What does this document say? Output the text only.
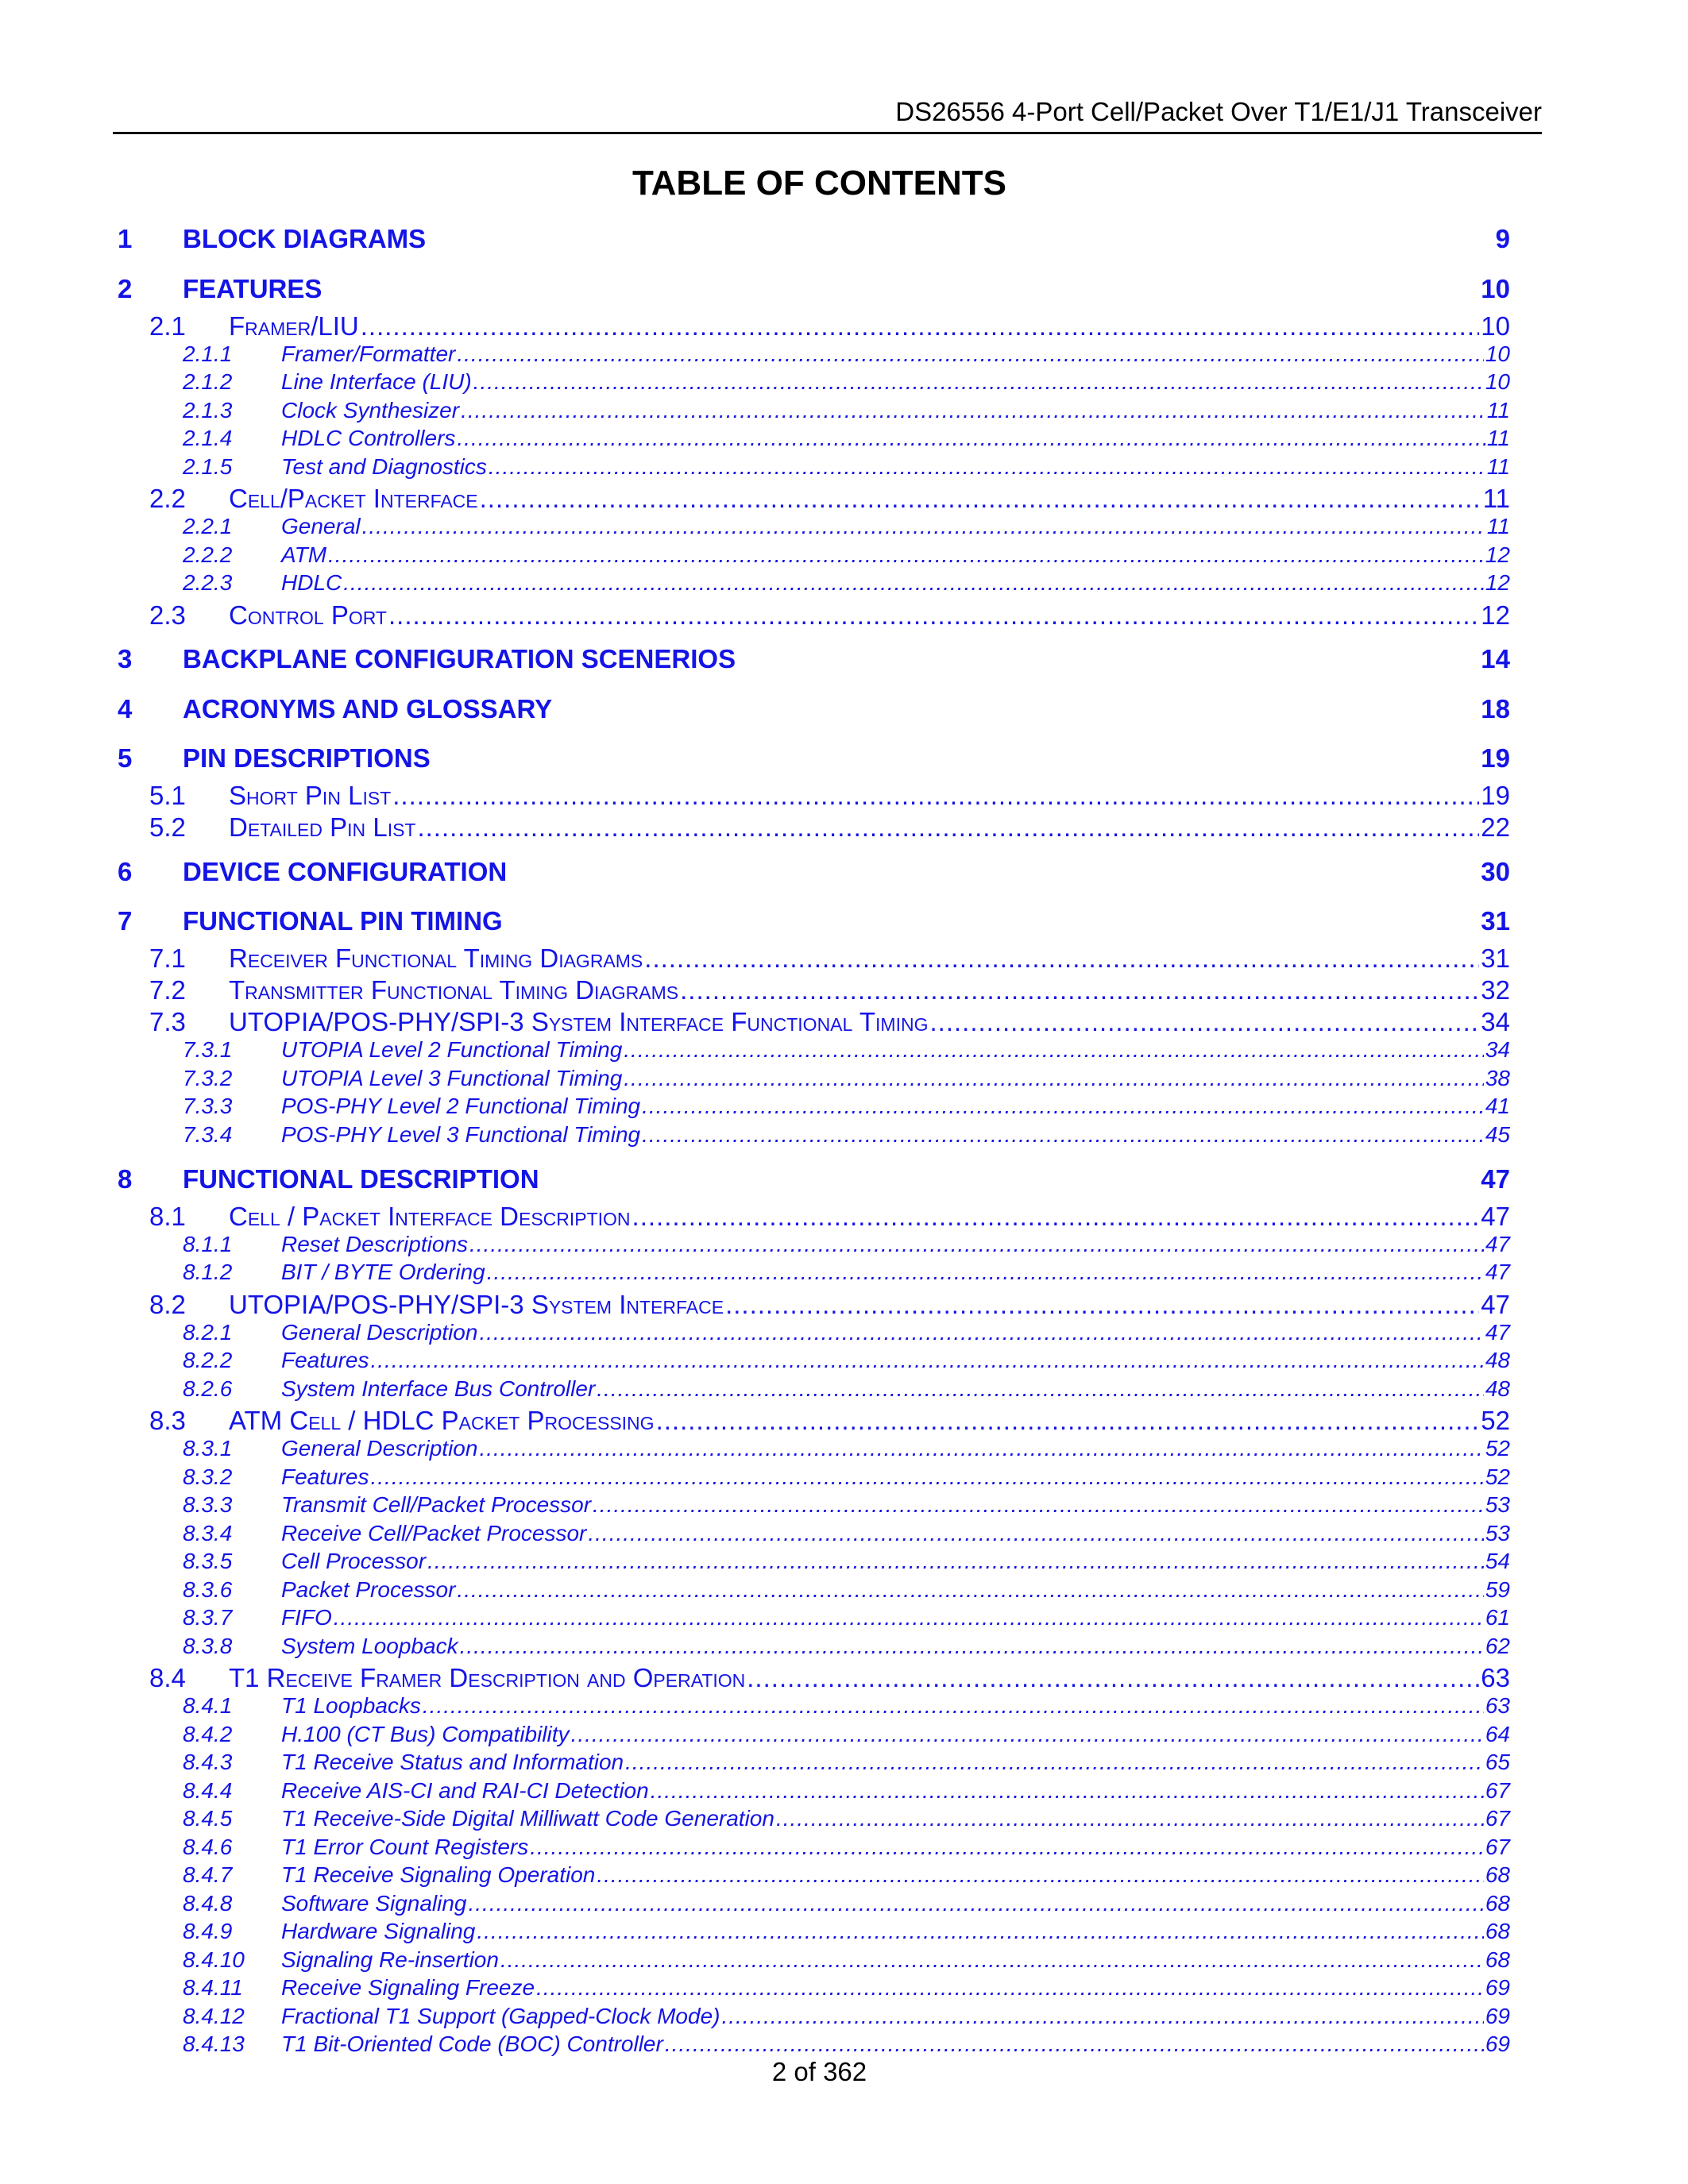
DS26556 4-Port Cell/Packet Over T1/E1/J1 Transceiver
TABLE OF CONTENTS
1	BLOCK DIAGRAMS	9
2	FEATURES	10
2.1	Framer/LIU .....	10
2.1.1	Framer/Formatter .....	10
2.1.2	Line Interface (LIU) .....	10
2.1.3	Clock Synthesizer .....	11
2.1.4	HDLC Controllers .....	11
2.1.5	Test and Diagnostics .....	11
2.2	Cell/Packet Interface .....	11
2.2.1	General .....	11
2.2.2	ATM .....	12
2.2.3	HDLC .....	12
2.3	Control Port .....	12
3	BACKPLANE CONFIGURATION SCENERIOS	14
4	ACRONYMS AND GLOSSARY	18
5	PIN DESCRIPTIONS	19
5.1	Short Pin List .....	19
5.2	Detailed Pin List .....	22
6	DEVICE CONFIGURATION	30
7	FUNCTIONAL PIN TIMING	31
7.1	Receiver Functional Timing Diagrams .....	31
7.2	Transmitter Functional Timing Diagrams .....	32
7.3	UTOPIA/POS-PHY/SPI-3 System Interface Functional Timing .....	34
7.3.1	UTOPIA Level 2 Functional Timing .....	34
7.3.2	UTOPIA Level 3 Functional Timing .....	38
7.3.3	POS-PHY Level 2 Functional Timing .....	41
7.3.4	POS-PHY Level 3 Functional Timing .....	45
8	FUNCTIONAL DESCRIPTION	47
8.1	Cell / Packet Interface Description .....	47
8.1.1	Reset Descriptions .....	47
8.1.2	BIT / BYTE Ordering .....	47
8.2	UTOPIA/POS-PHY/SPI-3 System Interface .....	47
8.2.1	General Description .....	47
8.2.2	Features .....	48
8.2.6	System Interface Bus Controller .....	48
8.3	ATM Cell / HDLC Packet Processing .....	52
8.3.1	General Description .....	52
8.3.2	Features .....	52
8.3.3	Transmit Cell/Packet Processor .....	53
8.3.4	Receive Cell/Packet Processor .....	53
8.3.5	Cell Processor .....	54
8.3.6	Packet Processor .....	59
8.3.7	FIFO .....	61
8.3.8	System Loopback .....	62
8.4	T1 Receive Framer Description and Operation .....	63
8.4.1	T1 Loopbacks .....	63
8.4.2	H.100 (CT Bus) Compatibility .....	64
8.4.3	T1 Receive Status and Information .....	65
8.4.4	Receive AIS-CI and RAI-CI Detection .....	67
8.4.5	T1 Receive-Side Digital Milliwatt Code Generation .....	67
8.4.6	T1 Error Count Registers .....	67
8.4.7	T1 Receive Signaling Operation .....	68
8.4.8	Software Signaling .....	68
8.4.9	Hardware Signaling .....	68
8.4.10	Signaling Re-insertion .....	68
8.4.11	Receive Signaling Freeze .....	69
8.4.12	Fractional T1 Support (Gapped-Clock Mode) .....	69
8.4.13	T1 Bit-Oriented Code (BOC) Controller .....	69
2 of 362
